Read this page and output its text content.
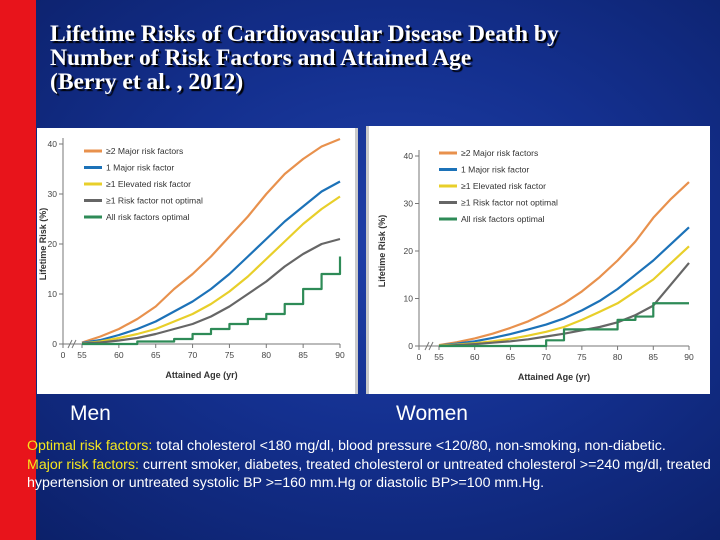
Lifetime Risks of Cardiovascular Disease Death by
Number of Risk Factors and Attained Age
(Berry et al. , 2012)
0
10
20
30
40
0 55	60	65	70	75	80	85	90
Attained Age (yr)
Lifetime Risk (%)
≥2 Major risk factors
1 Major risk factor
≥1 Elevated risk factor
≥1 Risk factor not optimal
All risk factors optimal
0
10
20
30
40
0 55	60	65	70	75	80	85	90
Attained Age (yr)
Lifetime Risk (%)
≥2 Major risk factors
1 Major risk factor
≥1 Elevated risk factor
≥1 Risk factor not optimal
All risk factors optimal
Men	Women

Optimal risk factors: total cholesterol <180 mg/dl, blood pressure <120/80, non-smoking, non-diabetic.

Major risk factors: current smoker, diabetes, treated cholesterol or untreated cholesterol >=240 mg/dl, treated hypertension or untreated systolic BP >=160 mm.Hg or diastolic BP>=100 mm.Hg.
